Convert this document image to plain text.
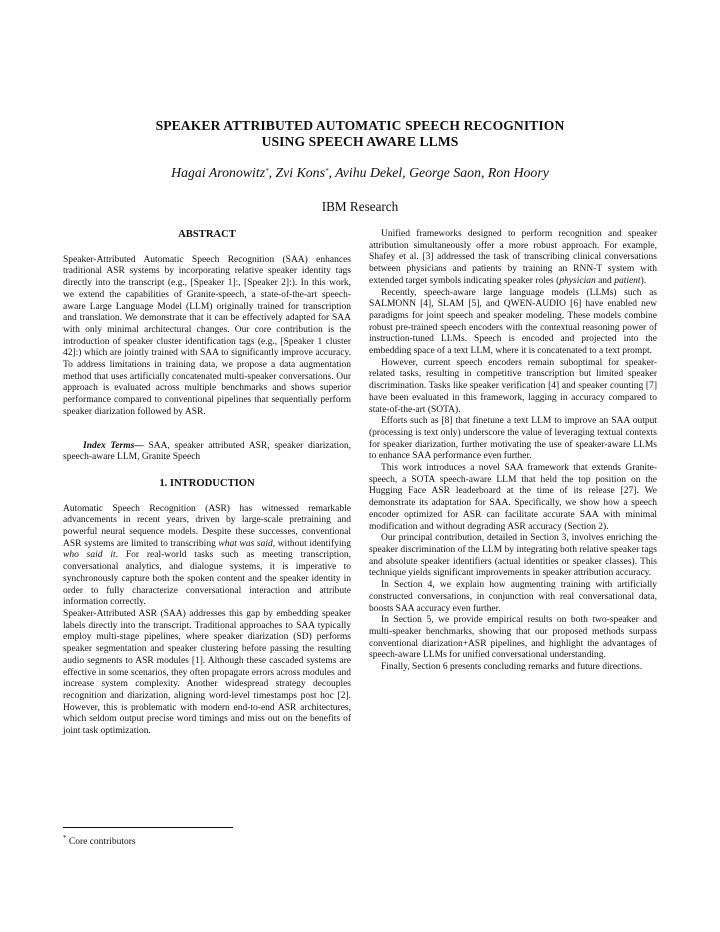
SPEAKER ATTRIBUTED AUTOMATIC SPEECH RECOGNITION
USING SPEECH AWARE LLMS
Hagai Aronowitz*, Zvi Kons*, Avihu Dekel, George Saon, Ron Hoory
IBM Research
ABSTRACT

Speaker-Attributed Automatic Speech Recognition (SAA) enhances traditional ASR systems by incorporating relative speaker identity tags directly into the transcript (e.g., [Speaker 1]:, [Speaker 2]:). In this work, we extend the capabilities of Granite-speech, a state-of-the-art speech-aware Large Language Model (LLM) originally trained for transcription and translation. We demonstrate that it can be effectively adapted for SAA with only minimal architectural changes. Our core contribution is the introduction of speaker cluster identification tags (e.g., [Speaker 1 cluster 42]:) which are jointly trained with SAA to significantly improve accuracy. To address limitations in training data, we propose a data augmentation method that uses artificially concatenated multi-speaker conversations. Our approach is evaluated across multiple benchmarks and shows superior performance compared to conventional pipelines that sequentially perform speaker diarization followed by ASR.

Index Terms— SAA, speaker attributed ASR, speaker diarization, speech-aware LLM, Granite Speech

1. INTRODUCTION

Automatic Speech Recognition (ASR) has witnessed remarkable advancements in recent years, driven by large-scale pretraining and powerful neural sequence models. Despite these successes, conventional ASR systems are limited to transcribing what was said, without identifying who said it. For real-world tasks such as meeting transcription, conversational analytics, and dialogue systems, it is imperative to synchronously capture both the spoken content and the speaker identity in order to fully characterize conversational interaction and attribute information correctly.

Speaker-Attributed ASR (SAA) addresses this gap by embedding speaker labels directly into the transcript. Traditional approaches to SAA typically employ multi-stage pipelines, where speaker diarization (SD) performs speaker segmentation and speaker clustering before passing the resulting audio segments to ASR modules [1]. Although these cascaded systems are effective in some scenarios, they often propagate errors across modules and increase system complexity. Another widespread strategy decouples recognition and diarization, aligning word-level timestamps post hoc [2]. However, this is problematic with modern end-to-end ASR architectures, which seldom output precise word timings and miss out on the benefits of joint task optimization.

Unified frameworks designed to perform recognition and speaker attribution simultaneously offer a more robust approach. For example, Shafey et al. [3] addressed the task of transcribing clinical conversations between physicians and patients by training an RNN-T system with extended target symbols indicating speaker roles (physician and patient).

Recently, speech-aware large language models (LLMs) such as SALMONN [4], SLAM [5], and QWEN-AUDIO [6] have enabled new paradigms for joint speech and speaker modeling. These models combine robust pre-trained speech encoders with the contextual reasoning power of instruction-tuned LLMs. Speech is encoded and projected into the embedding space of a text LLM, where it is concatenated to a text prompt.

However, current speech encoders remain suboptimal for speaker-related tasks, resulting in competitive transcription but limited speaker discrimination. Tasks like speaker verification [4] and speaker counting [7] have been evaluated in this framework, lagging in accuracy compared to state-of-the-art (SOTA).

Efforts such as [8] that finetune a text LLM to improve an SAA output (processing is text only) underscore the value of leveraging textual contexts for speaker diarization, further motivating the use of speaker-aware LLMs to enhance SAA performance even further.

This work introduces a novel SAA framework that extends Granite-speech, a SOTA speech-aware LLM that held the top position on the Hugging Face ASR leaderboard at the time of its release [27]. We demonstrate its adaptation for SAA. Specifically, we show how a speech encoder optimized for ASR can facilitate accurate SAA with minimal modification and without degrading ASR accuracy (Section 2).

Our principal contribution, detailed in Section 3, involves enriching the speaker discrimination of the LLM by integrating both relative speaker tags and absolute speaker identifiers (actual identities or speaker classes). This technique yields significant improvements in speaker attribution accuracy.

In Section 4, we explain how augmenting training with artificially constructed conversations, in conjunction with real conversational data, boosts SAA accuracy even further.

In Section 5, we provide empirical results on both two-speaker and multi-speaker benchmarks, showing that our proposed methods surpass conventional diarization+ASR pipelines, and highlight the advantages of speech-aware LLMs for unified conversational understanding.

Finally, Section 6 presents concluding remarks and future directions.

* Core contributors
